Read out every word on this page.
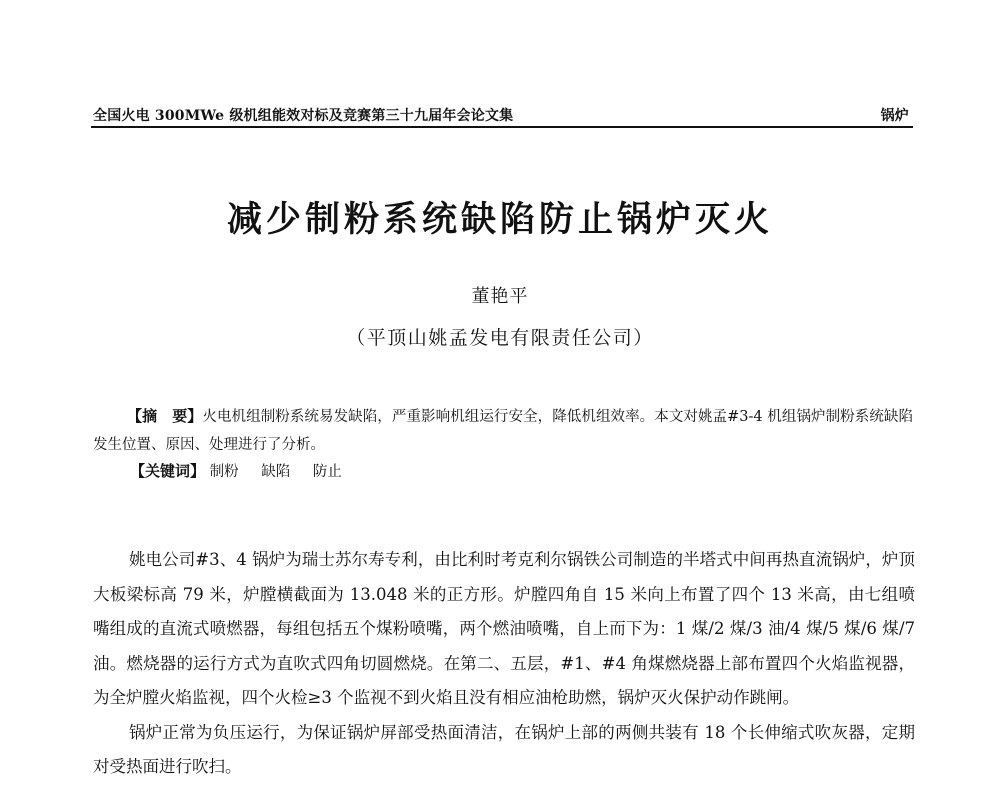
全国火电 300MWe 级机组能效对标及竞赛第三十九届年会论文集	锅炉
减少制粉系统缺陷防止锅炉灭火
董艳平
（平顶山姚孟发电有限责任公司）
【摘　要】火电机组制粉系统易发缺陷，严重影响机组运行安全，降低机组效率。本文对姚孟#3-4 机组锅炉制粉系统缺陷发生位置、原因、处理进行了分析。
【关键词】 制粉 缺陷 防止

姚电公司#3、4 锅炉为瑞士苏尔寿专利，由比利时考克利尔锅铁公司制造的半塔式中间再热直流锅炉，炉顶大板梁标高 79 米，炉膛横截面为 13.048 米的正方形。炉膛四角自 15 米向上布置了四个 13 米高，由七组喷嘴组成的直流式喷燃器，每组包括五个煤粉喷嘴，两个燃油喷嘴，自上而下为：1 煤/2 煤/3 油/4 煤/5 煤/6 煤/7 油。燃烧器的运行方式为直吹式四角切圆燃烧。在第二、五层，#1、#4 角煤燃烧器上部布置四个火焰监视器，为全炉膛火焰监视，四个火检≥3 个监视不到火焰且没有相应油枪助燃，锅炉灭火保护动作跳闸。

锅炉正常为负压运行，为保证锅炉屏部受热面清洁，在锅炉上部的两侧共装有 18 个长伸缩式吹灰器，定期对受热面进行吹扫。
